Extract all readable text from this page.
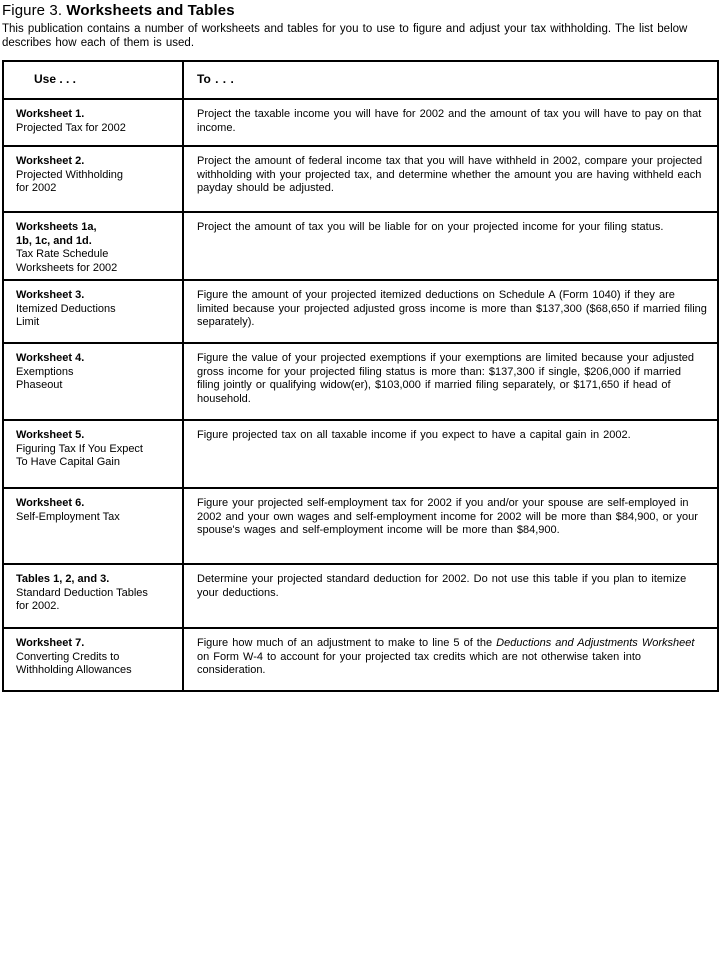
Figure 3. Worksheets and Tables

This publication contains a number of worksheets and tables for you to use to figure and adjust your tax withholding. The list below describes how each of them is used.

Use . . .	To . . .
Worksheet 1.
Projected Tax for 2002
Project the taxable income you will have for 2002 and the amount of tax you will have to pay on that income.
Worksheet 2.
Projected Withholding
for 2002
Project the amount of federal income tax that you will have withheld in 2002, compare your projected withholding with your projected tax, and determine whether the amount you are having withheld each payday should be adjusted.
Worksheets 1a,
1b, 1c, and 1d.
Tax Rate Schedule
Worksheets for 2002
Project the amount of tax you will be liable for on your projected income for your filing status.
Worksheet 3.
Itemized Deductions
Limit
Figure the amount of your projected itemized deductions on Schedule A (Form 1040) if they are limited because your projected adjusted gross income is more than $137,300 ($68,650 if married filing separately).
Worksheet 4.
Exemptions
Phaseout
Figure the value of your projected exemptions if your exemptions are limited because your adjusted gross income for your projected filing status is more than: $137,300 if single, $206,000 if married filing jointly or qualifying widow(er), $103,000 if married filing separately, or $171,650 if head of household.
Worksheet 5.
Figuring Tax If You Expect
To Have Capital Gain
Figure projected tax on all taxable income if you expect to have a capital gain in 2002.
Worksheet 6.
Self-Employment Tax
Figure your projected self-employment tax for 2002 if you and/or your spouse are self-employed in 2002 and your own wages and self-employment income for 2002 will be more than $84,900, or your spouse's wages and self-employment income will be more than $84,900.
Tables 1, 2, and 3.
Standard Deduction Tables
for 2002.
Determine your projected standard deduction for 2002. Do not use this table if you plan to itemize your deductions.
Worksheet 7.
Converting Credits to
Withholding Allowances
Figure how much of an adjustment to make to line 5 of the Deductions and Adjustments Worksheet on Form W-4 to account for your projected tax credits which are not otherwise taken into consideration.
